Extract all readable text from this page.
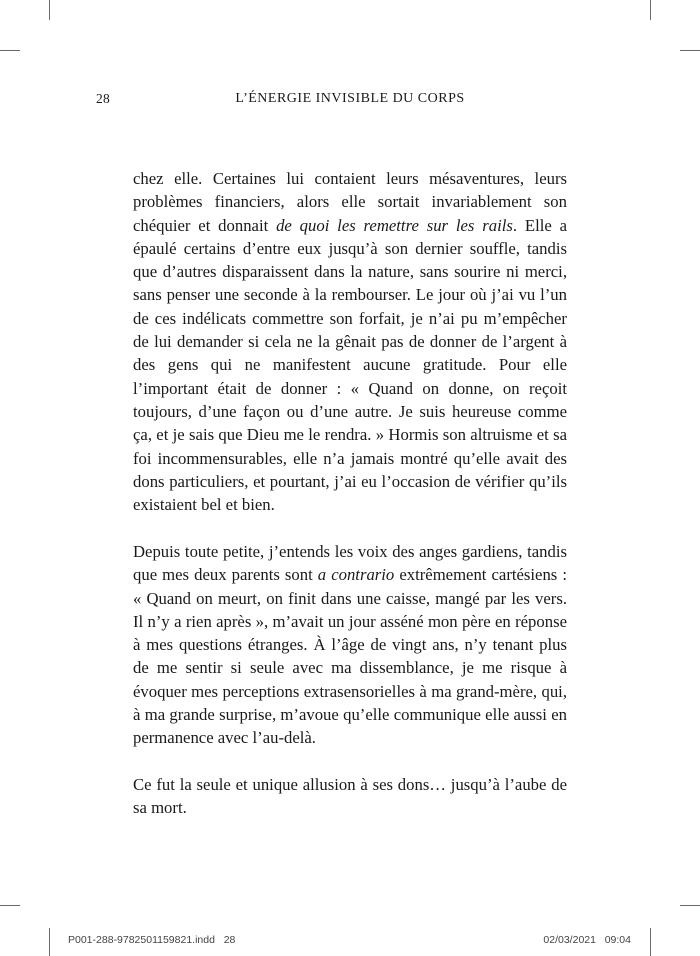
28	L’ÉNERGIE INVISIBLE DU CORPS

chez elle. Certaines lui contaient leurs mésaventures, leurs problèmes financiers, alors elle sortait invariablement son chéquier et donnait de quoi les remettre sur les rails. Elle a épaulé certains d’entre eux jusqu’à son dernier souffle, tandis que d’autres disparaissent dans la nature, sans sourire ni merci, sans penser une seconde à la rembourser. Le jour où j’ai vu l’un de ces indélicats commettre son forfait, je n’ai pu m’empêcher de lui demander si cela ne la gênait pas de donner de l’argent à des gens qui ne manifestent aucune gratitude. Pour elle l’important était de donner : « Quand on donne, on reçoit toujours, d’une façon ou d’une autre. Je suis heureuse comme ça, et je sais que Dieu me le rendra. » Hormis son altruisme et sa foi incommensurables, elle n’a jamais montré qu’elle avait des dons particuliers, et pourtant, j’ai eu l’occasion de vérifier qu’ils existaient bel et bien.

Depuis toute petite, j’entends les voix des anges gardiens, tandis que mes deux parents sont a contrario extrêmement cartésiens : « Quand on meurt, on finit dans une caisse, mangé par les vers. Il n’y a rien après », m’avait un jour asséné mon père en réponse à mes questions étranges. À l’âge de vingt ans, n’y tenant plus de me sentir si seule avec ma dissemblance, je me risque à évoquer mes perceptions extrasensorielles à ma grand-mère, qui, à ma grande surprise, m’avoue qu’elle communique elle aussi en permanence avec l’au-delà.

Ce fut la seule et unique allusion à ses dons… jusqu’à l’aube de sa mort.

P001-288-9782501159821.indd   28	02/03/2021   09:04
